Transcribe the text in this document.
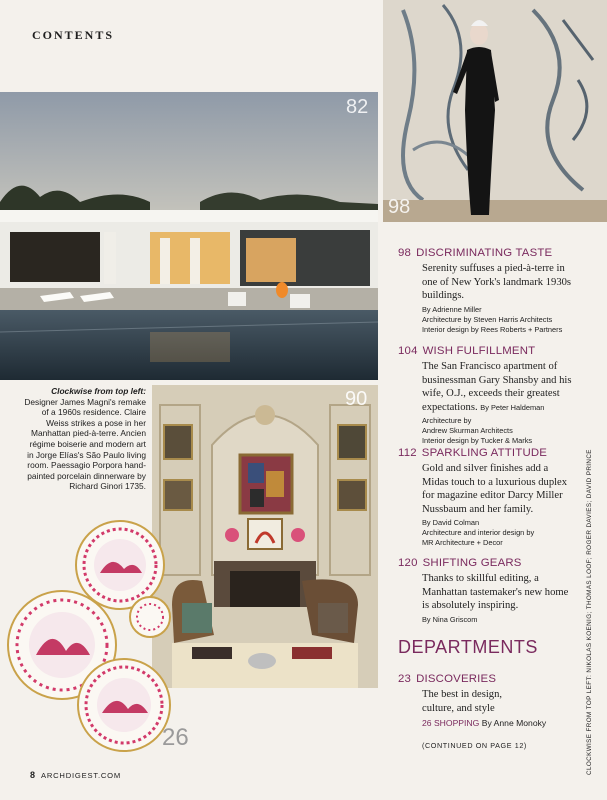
CONTENTS
98
82
90
26
Clockwise from top left: Designer James Magni's remake of a 1960s residence. Claire Weiss strikes a pose in her Manhattan pied-à-terre. Ancien régime boiserie and modern art in Jorge Elías's São Paulo living room. Paessagio Porpora hand-painted porcelain dinnerware by Richard Ginori 1735.
98 DISCRIMINATING TASTE
Serenity suffuses a pied-à-terre in one of New York's landmark 1930s buildings.
By Adrienne Miller
Architecture by Steven Harris Architects
Interior design by Rees Roberts + Partners
104 WISH FULFILLMENT
The San Francisco apartment of businessman Gary Shansby and his wife, O.J., exceeds their greatest expectations. By Peter Haldeman
Architecture by
Andrew Skurman Architects
Interior design by Tucker & Marks
112 SPARKLING ATTITUDE
Gold and silver finishes add a Midas touch to a luxurious duplex for magazine editor Darcy Miller Nussbaum and her family.
By David Colman
Architecture and interior design by
MR Architecture + Decor
120 SHIFTING GEARS
Thanks to skillful editing, a Manhattan tastemaker's new home is absolutely inspiring.
By Nina Griscom
DEPARTMENTS
23 DISCOVERIES
The best in design, culture, and style
26 SHOPPING By Anne Monoky
(CONTINUED ON PAGE 12)	CLOCKWISE FROM TOP LEFT: NIKOLAS KOENIG; THOMAS LOOF; ROGER DAVIES; DAVID PRINCE
8 ARCHDIGEST.COM
